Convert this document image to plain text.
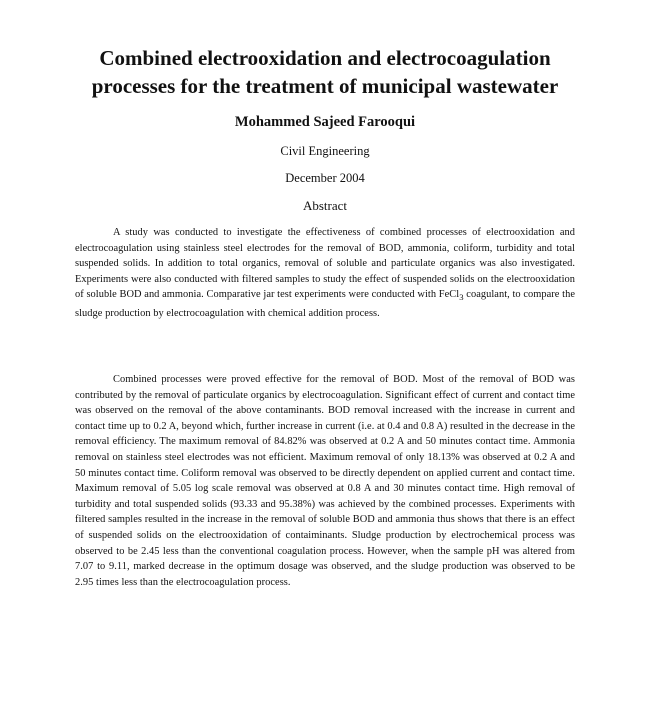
Combined electrooxidation and electrocoagulation
processes for the treatment of municipal wastewater

Mohammed Sajeed Farooqui

Civil Engineering

December 2004

Abstract

A study was conducted to investigate the effectiveness of combined processes of electrooxidation and electrocoagulation using stainless steel electrodes for the removal of BOD, ammonia, coliform, turbidity and total suspended solids. In addition to total organics, removal of soluble and particulate organics was also investigated. Experiments were also conducted with filtered samples to study the effect of suspended solids on the electrooxidation of soluble BOD and ammonia. Comparative jar test experiments were conducted with FeCl$_3$ coagulant, to compare the sludge production by electrocoagulation with chemical addition process.

Combined processes were proved effective for the removal of BOD. Most of the removal of BOD was contributed by the removal of particulate organics by electrocoagulation. Significant effect of current and contact time was observed on the removal of the above contaminants. BOD removal increased with the increase in current and contact time up to 0.2 A, beyond which, further increase in current (i.e. at 0.4 and 0.8 A) resulted in the decrease in the removal efficiency. The maximum removal of 84.82% was observed at 0.2 A and 50 minutes contact time. Ammonia removal on stainless steel electrodes was not efficient. Maximum removal of only 18.13% was observed at 0.2 A and 50 minutes contact time. Coliform removal was observed to be directly dependent on applied current and contact time. Maximum removal of 5.05 log scale removal was observed at 0.8 A and 30 minutes contact time. High removal of turbidity and total suspended solids (93.33 and 95.38%) was achieved by the combined processes. Experiments with filtered samples resulted in the increase in the removal of soluble BOD and ammonia thus shows that there is an effect of suspended solids on the electrooxidation of contaiminants. Sludge production by electrochemical process was observed to be 2.45 less than the conventional coagulation process. However, when the sample pH was altered from 7.07 to 9.11, marked decrease in the optimum dosage was observed, and the sludge production was observed to be 2.95 times less than the electrocoagulation process.
